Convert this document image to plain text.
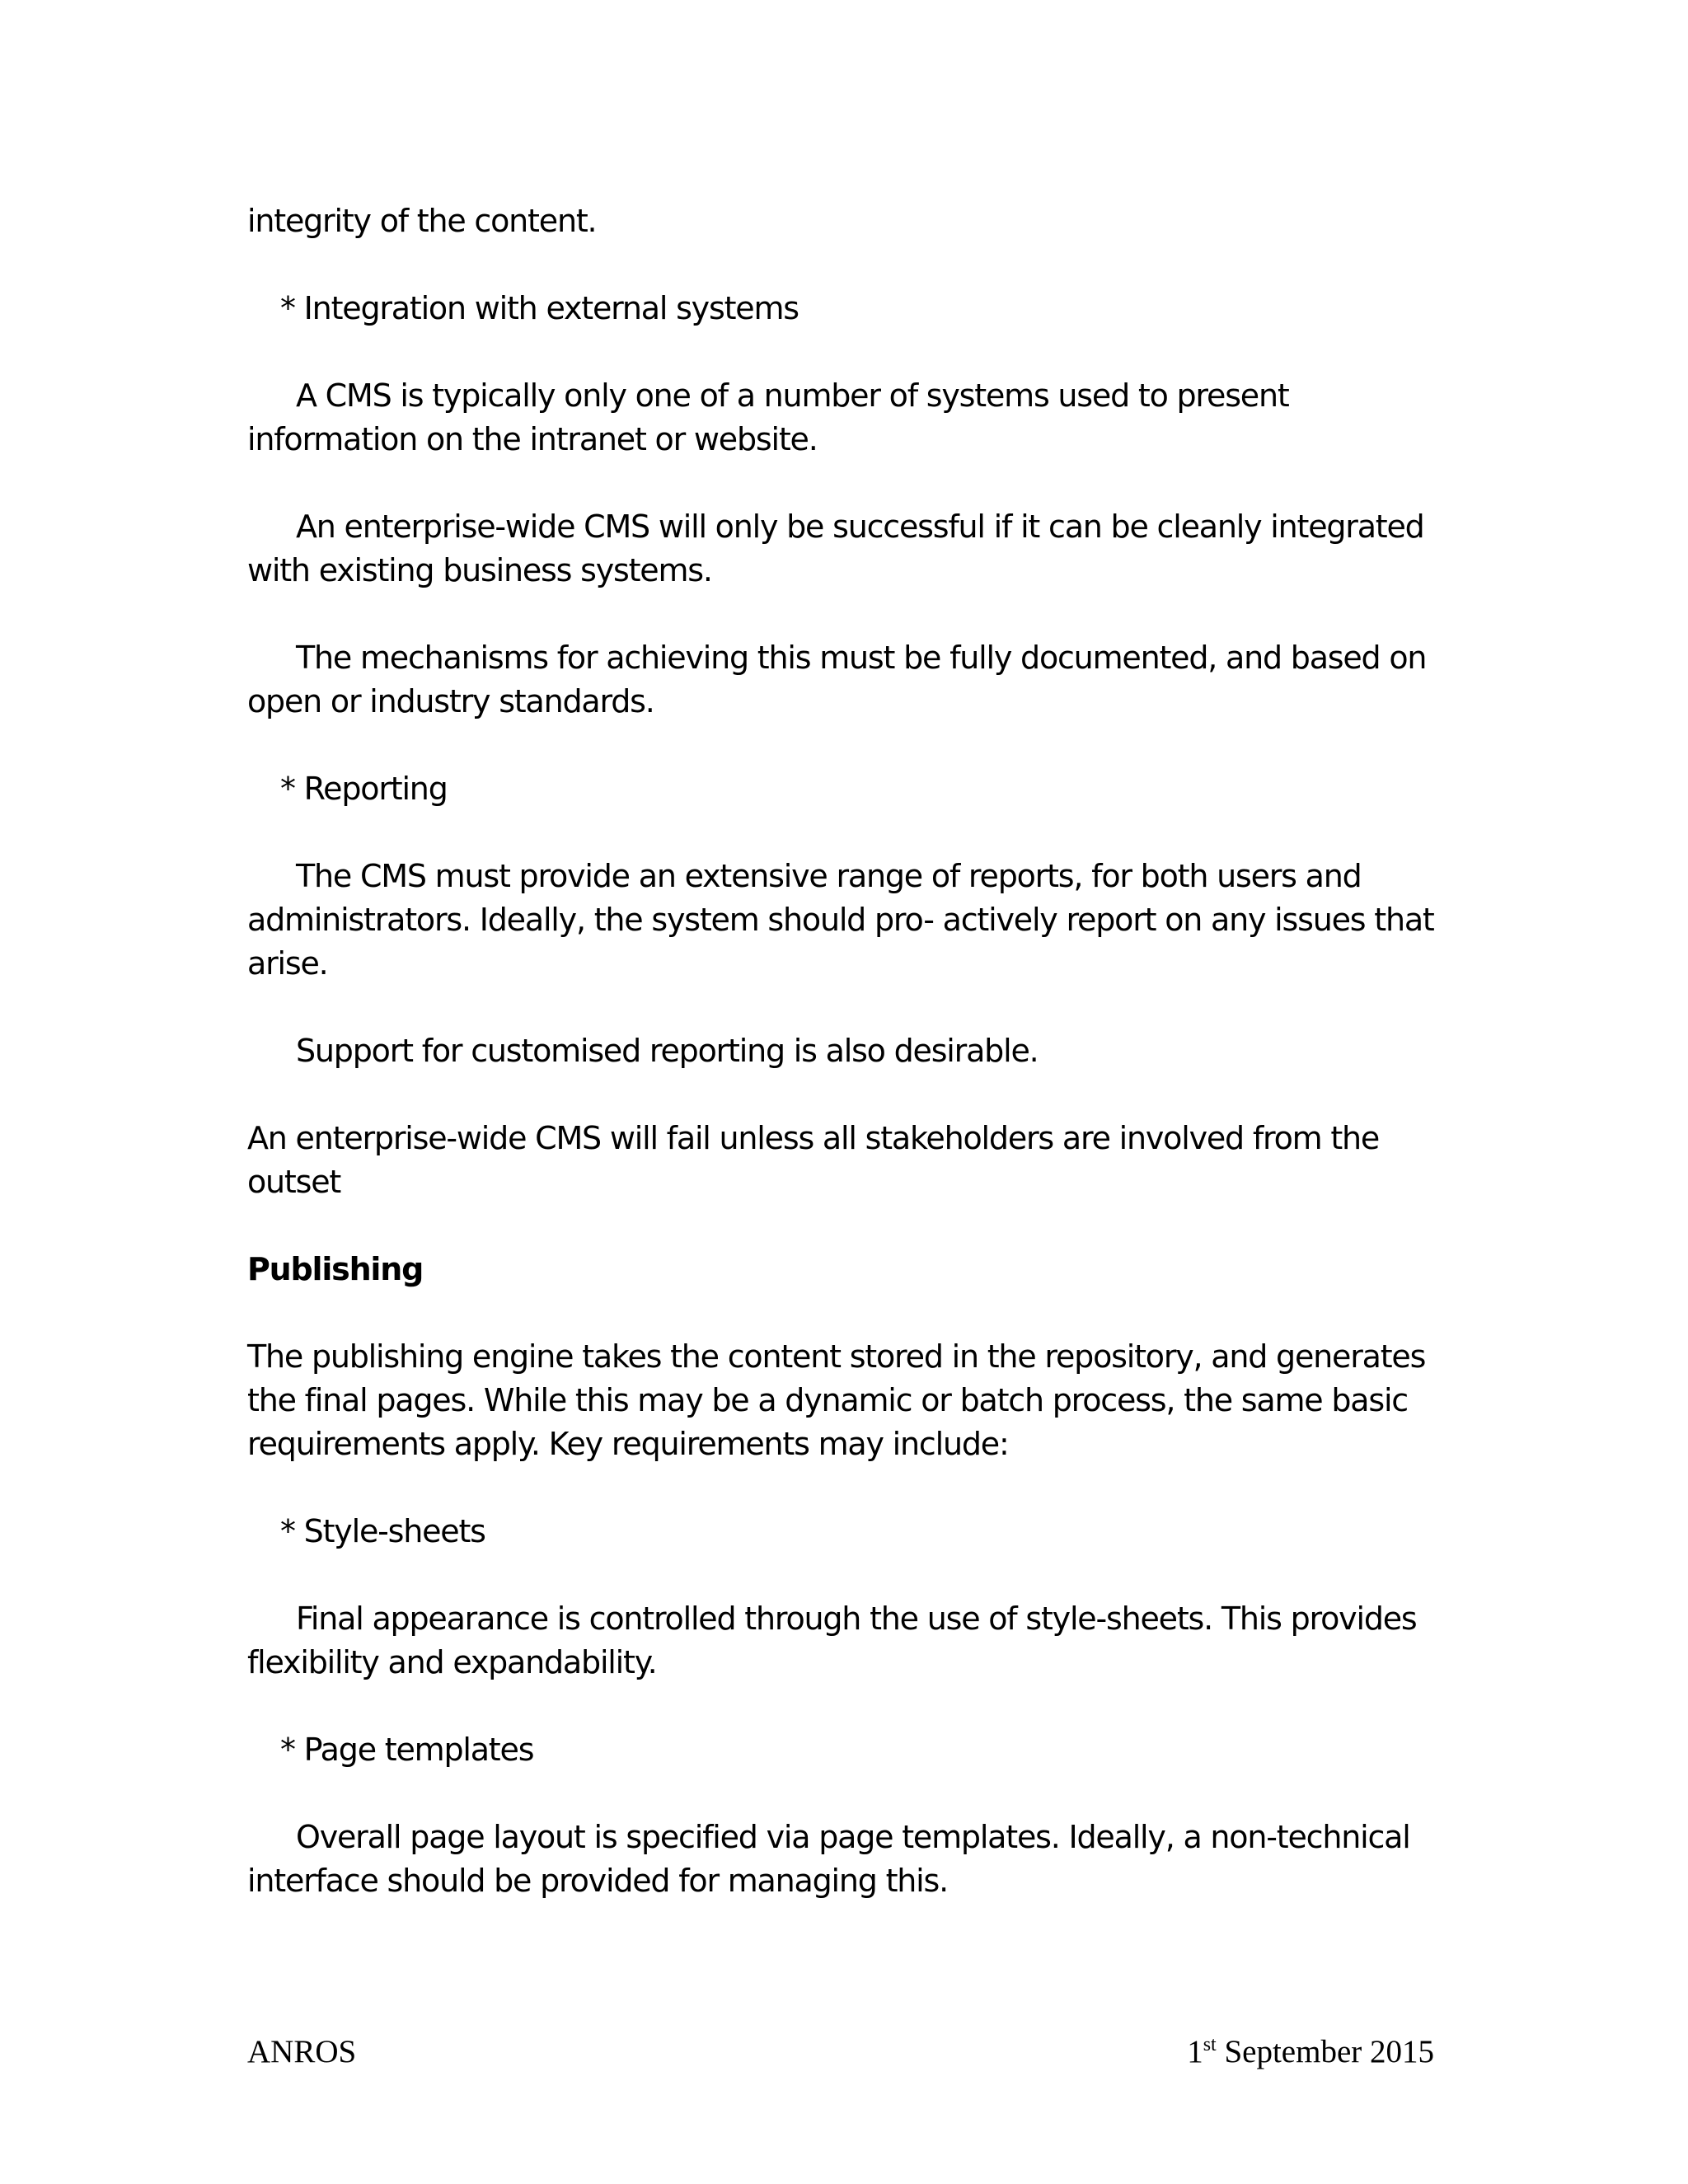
integrity of the content.

* Integration with external systems

A CMS is typically only one of a number of systems used to present information on the intranet or website.

An enterprise-wide CMS will only be successful if it can be cleanly integrated with existing business systems.

The mechanisms for achieving this must be fully documented, and based on open or industry standards.

* Reporting

The CMS must provide an extensive range of reports, for both users and administrators. Ideally, the system should pro- actively report on any issues that arise.

Support for customised reporting is also desirable.

An enterprise-wide CMS will fail unless all stakeholders are involved from the outset

Publishing

The publishing engine takes the content stored in the repository, and generates the final pages. While this may be a dynamic or batch process, the same basic requirements apply. Key requirements may include:

* Style-sheets

Final appearance is controlled through the use of style-sheets. This provides flexibility and expandability.

* Page templates

Overall page layout is specified via page templates. Ideally, a non-technical interface should be provided for managing this.

ANROS	1st September 2015
